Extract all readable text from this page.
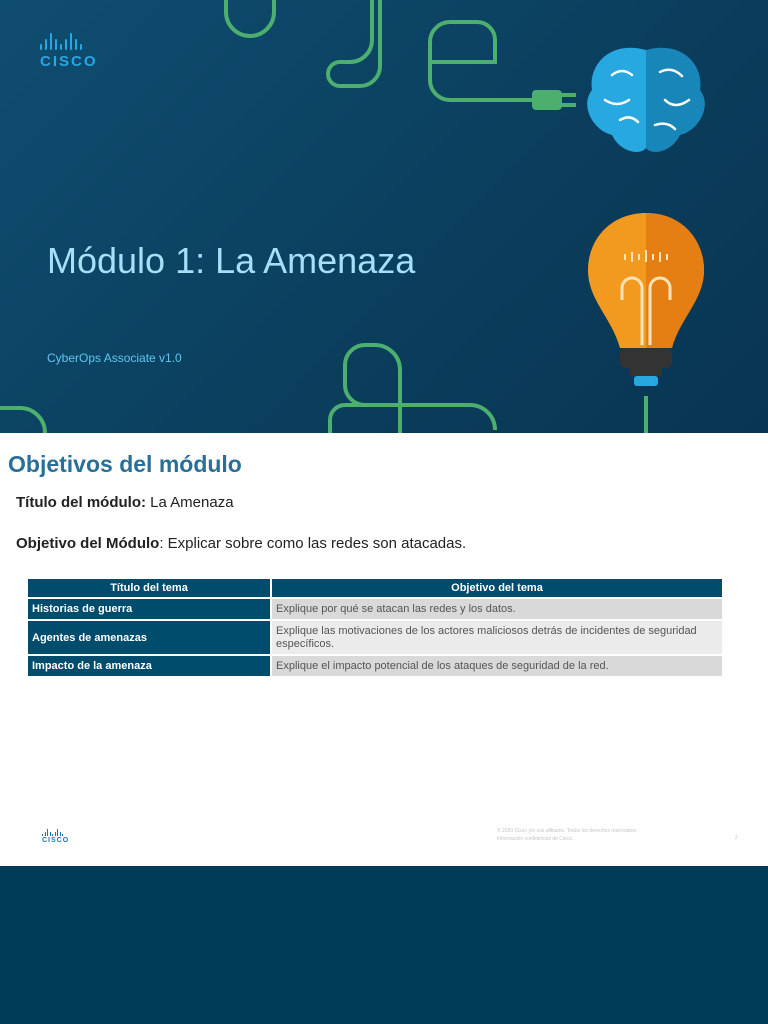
CISCO
Módulo 1: La Amenaza
CyberOps Associate v1.0
Objetivos del módulo
Título del módulo: La Amenaza
Objetivo del Módulo: Explicar sobre como las redes son atacadas.
Título del tema	Objetivo del tema
Historias de guerra	Explique por qué se atacan las redes y los datos.
Agentes de amenazas	Explique las motivaciones de los actores maliciosos detrás de incidentes de seguridad específicos.
Impacto de la amenaza	Explique el impacto potencial de los ataques de seguridad de la red.
CISCO
© 2020 Cisco y/o sus afiliados. Todos los derechos reservados.
Información confidencial de Cisco.	2
